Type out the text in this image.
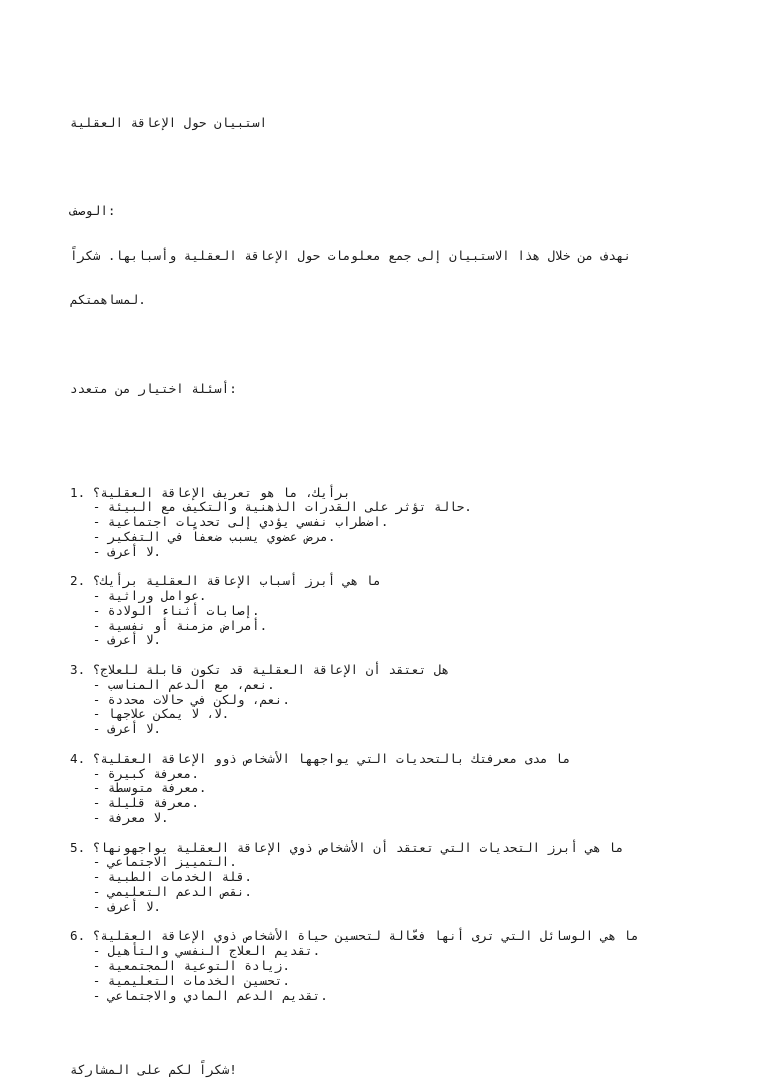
استبيان حول الإعاقة العقلية

الوصف:

نهدف من خلال هذا الاستبيان إلى جمع معلومات حول الإعاقة العقلية وأسبابها. شكراً

لمساهمتكم.

أسئلة اختيار من متعدد:

1. برأيك، ما هو تعريف الإعاقة العقلية؟
- حالة تؤثر على القدرات الذهنية والتكيف مع البيئة.
- اضطراب نفسي يؤدي إلى تحديات اجتماعية.
- مرض عضوي يسبب ضعفاً في التفكير.
- لا أعرف.
2. ما هي أبرز أسباب الإعاقة العقلية برأيك؟
- عوامل وراثية.
- إصابات أثناء الولادة.
- أمراض مزمنة أو نفسية.
- لا أعرف.
3. هل تعتقد أن الإعاقة العقلية قد تكون قابلة للعلاج؟
- نعم، مع الدعم المناسب.
- نعم، ولكن في حالات محددة.
- لا، لا يمكن علاجها.
- لا أعرف.
4. ما مدى معرفتك بالتحديات التي يواجهها الأشخاص ذوو الإعاقة العقلية؟
- معرفة كبيرة.
- معرفة متوسطة.
- معرفة قليلة.
- لا معرفة.
5. ما هي أبرز التحديات التي تعتقد أن الأشخاص ذوي الإعاقة العقلية يواجهونها؟
- التمييز الاجتماعي.
- قلة الخدمات الطبية.
- نقص الدعم التعليمي.
- لا أعرف.
6. ما هي الوسائل التي ترى أنها فعّالة لتحسين حياة الأشخاص ذوي الإعاقة العقلية؟
- تقديم العلاج النفسي والتأهيل.
- زيادة التوعية المجتمعية.
- تحسين الخدمات التعليمية.
- تقديم الدعم المادي والاجتماعي.

شكراً لكم على المشاركة!
